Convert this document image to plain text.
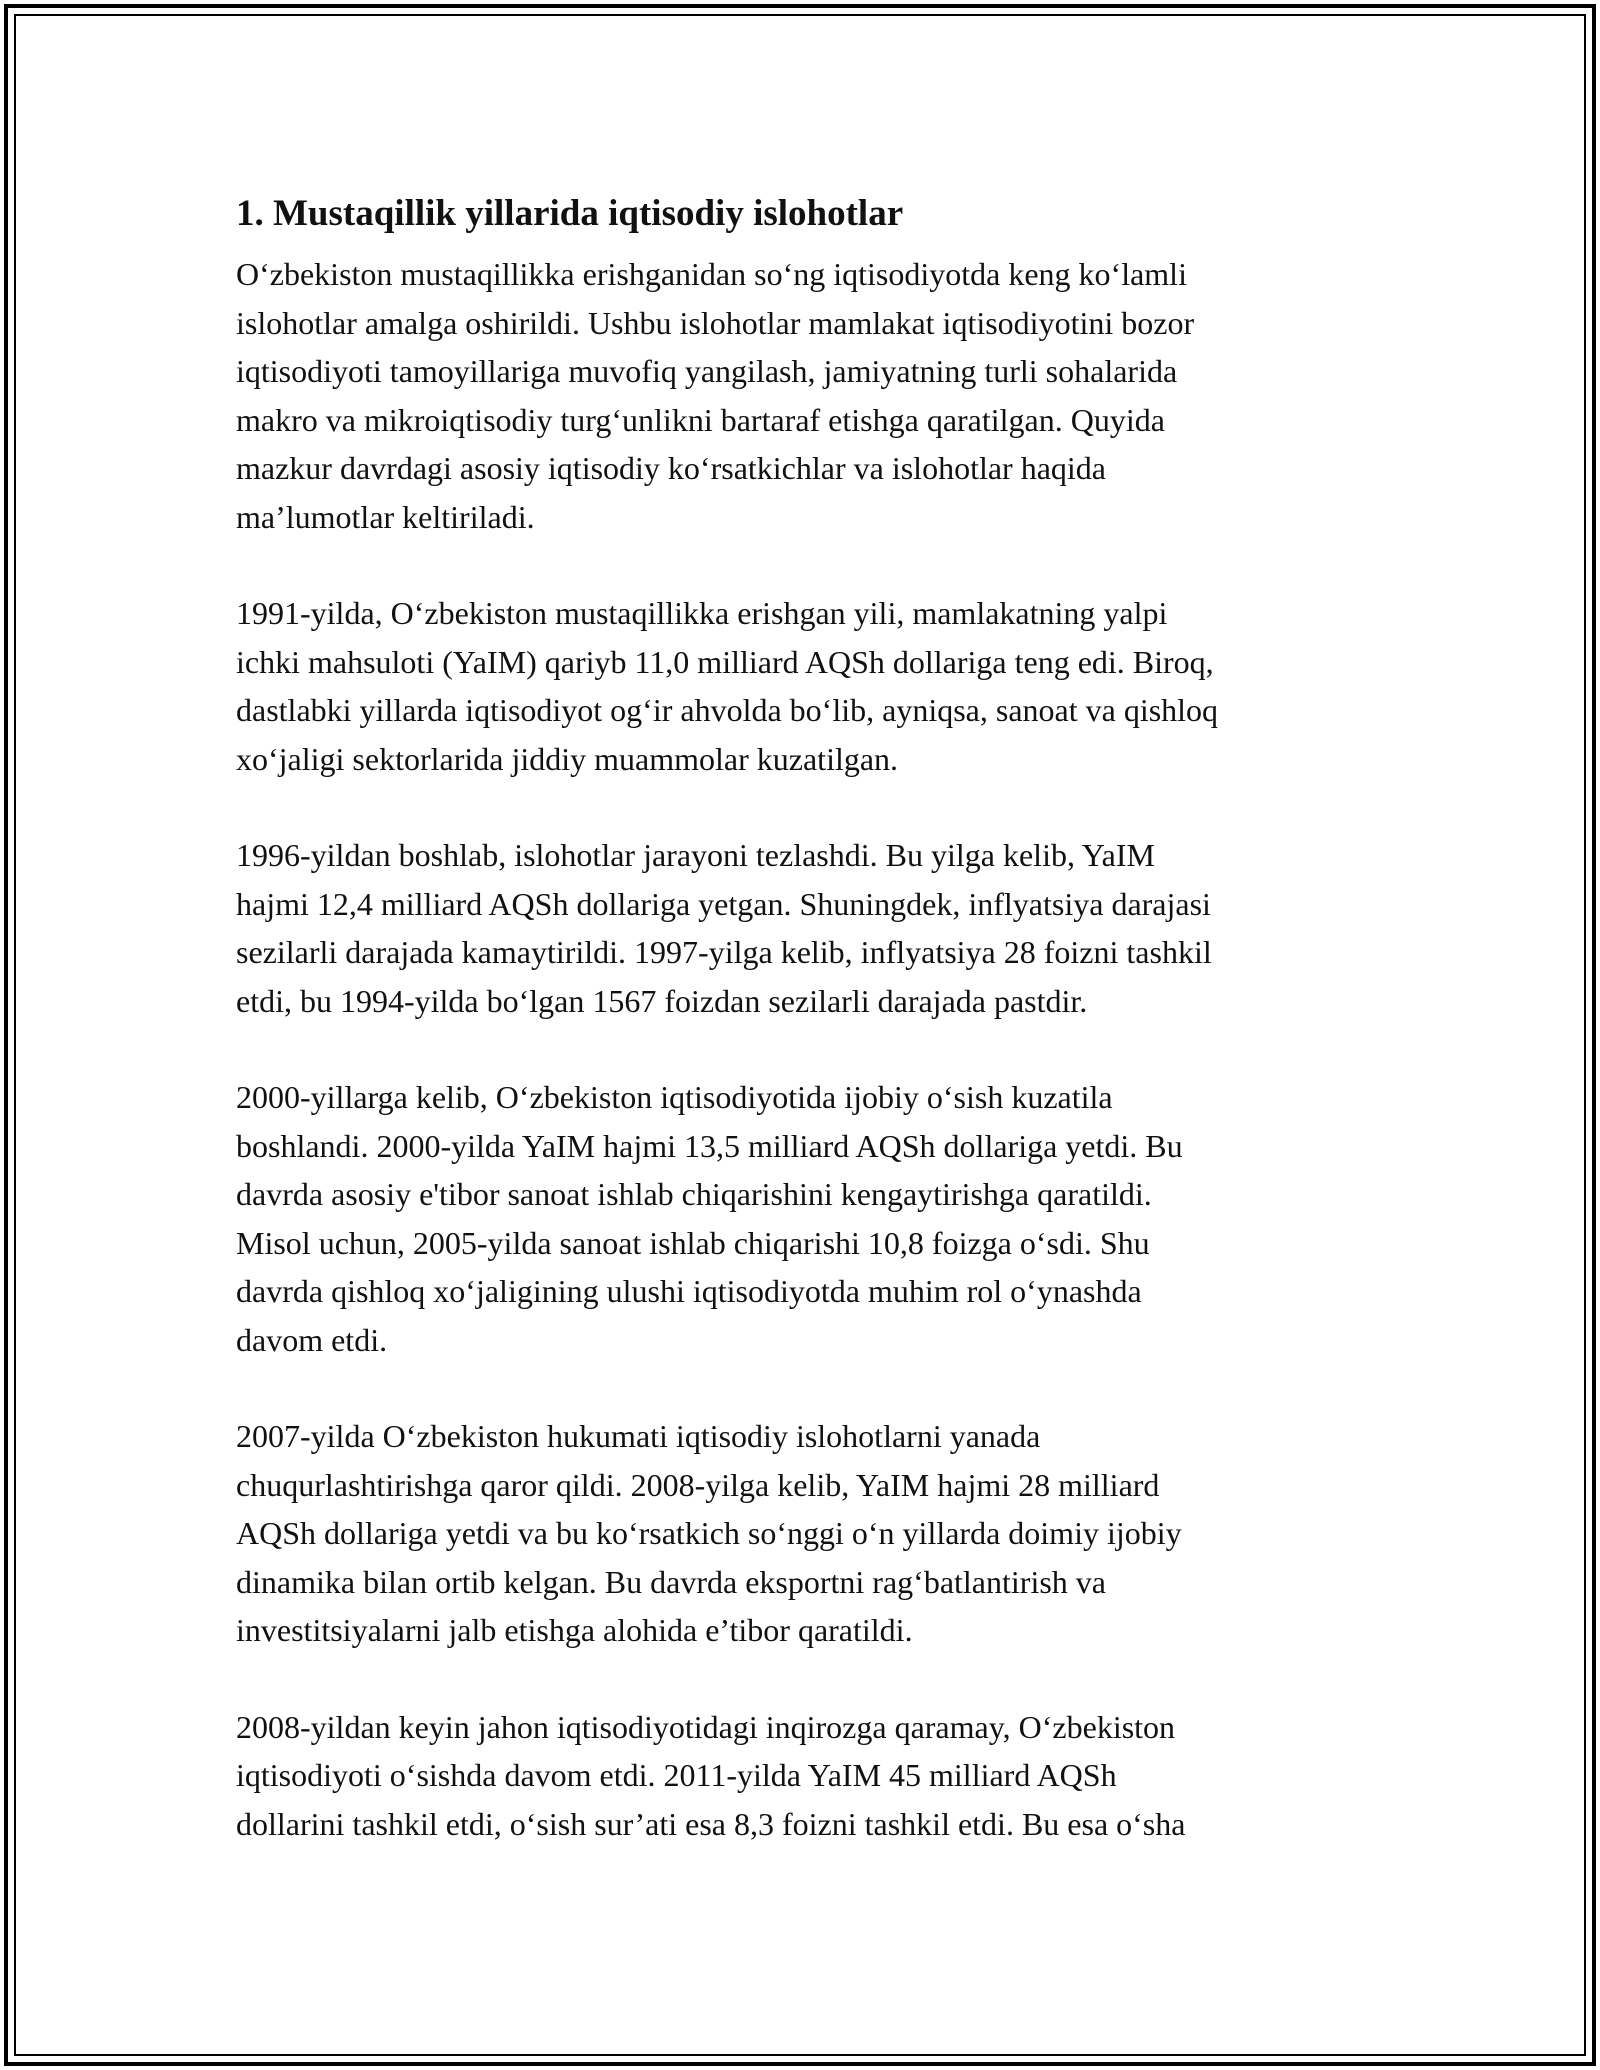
1. Mustaqillik yillarida iqtisodiy islohotlar

O‘zbekiston mustaqillikka erishganidan so‘ng iqtisodiyotda keng ko‘lamli
islohotlar amalga oshirildi. Ushbu islohotlar mamlakat iqtisodiyotini bozor
iqtisodiyoti tamoyillariga muvofiq yangilash, jamiyatning turli sohalarida
makro va mikroiqtisodiy turg‘unlikni bartaraf etishga qaratilgan. Quyida
mazkur davrdagi asosiy iqtisodiy ko‘rsatkichlar va islohotlar haqida
ma’lumotlar keltiriladi.

1991-yilda, O‘zbekiston mustaqillikka erishgan yili, mamlakatning yalpi
ichki mahsuloti (YaIM) qariyb 11,0 milliard AQSh dollariga teng edi. Biroq,
dastlabki yillarda iqtisodiyot og‘ir ahvolda bo‘lib, ayniqsa, sanoat va qishloq
xo‘jaligi sektorlarida jiddiy muammolar kuzatilgan.

1996-yildan boshlab, islohotlar jarayoni tezlashdi. Bu yilga kelib, YaIM
hajmi 12,4 milliard AQSh dollariga yetgan. Shuningdek, inflyatsiya darajasi
sezilarli darajada kamaytirildi. 1997-yilga kelib, inflyatsiya 28 foizni tashkil
etdi, bu 1994-yilda bo‘lgan 1567 foizdan sezilarli darajada pastdir.

2000-yillarga kelib, O‘zbekiston iqtisodiyotida ijobiy o‘sish kuzatila
boshlandi. 2000-yilda YaIM hajmi 13,5 milliard AQSh dollariga yetdi. Bu
davrda asosiy e'tibor sanoat ishlab chiqarishini kengaytirishga qaratildi.
Misol uchun, 2005-yilda sanoat ishlab chiqarishi 10,8 foizga o‘sdi. Shu
davrda qishloq xo‘jaligining ulushi iqtisodiyotda muhim rol o‘ynashda
davom etdi.

2007-yilda O‘zbekiston hukumati iqtisodiy islohotlarni yanada
chuqurlashtirishga qaror qildi. 2008-yilga kelib, YaIM hajmi 28 milliard
AQSh dollariga yetdi va bu ko‘rsatkich so‘nggi o‘n yillarda doimiy ijobiy
dinamika bilan ortib kelgan. Bu davrda eksportni rag‘batlantirish va
investitsiyalarni jalb etishga alohida e’tibor qaratildi.

2008-yildan keyin jahon iqtisodiyotidagi inqirozga qaramay, O‘zbekiston
iqtisodiyoti o‘sishda davom etdi. 2011-yilda YaIM 45 milliard AQSh
dollarini tashkil etdi, o‘sish sur’ati esa 8,3 foizni tashkil etdi. Bu esa o‘sha
